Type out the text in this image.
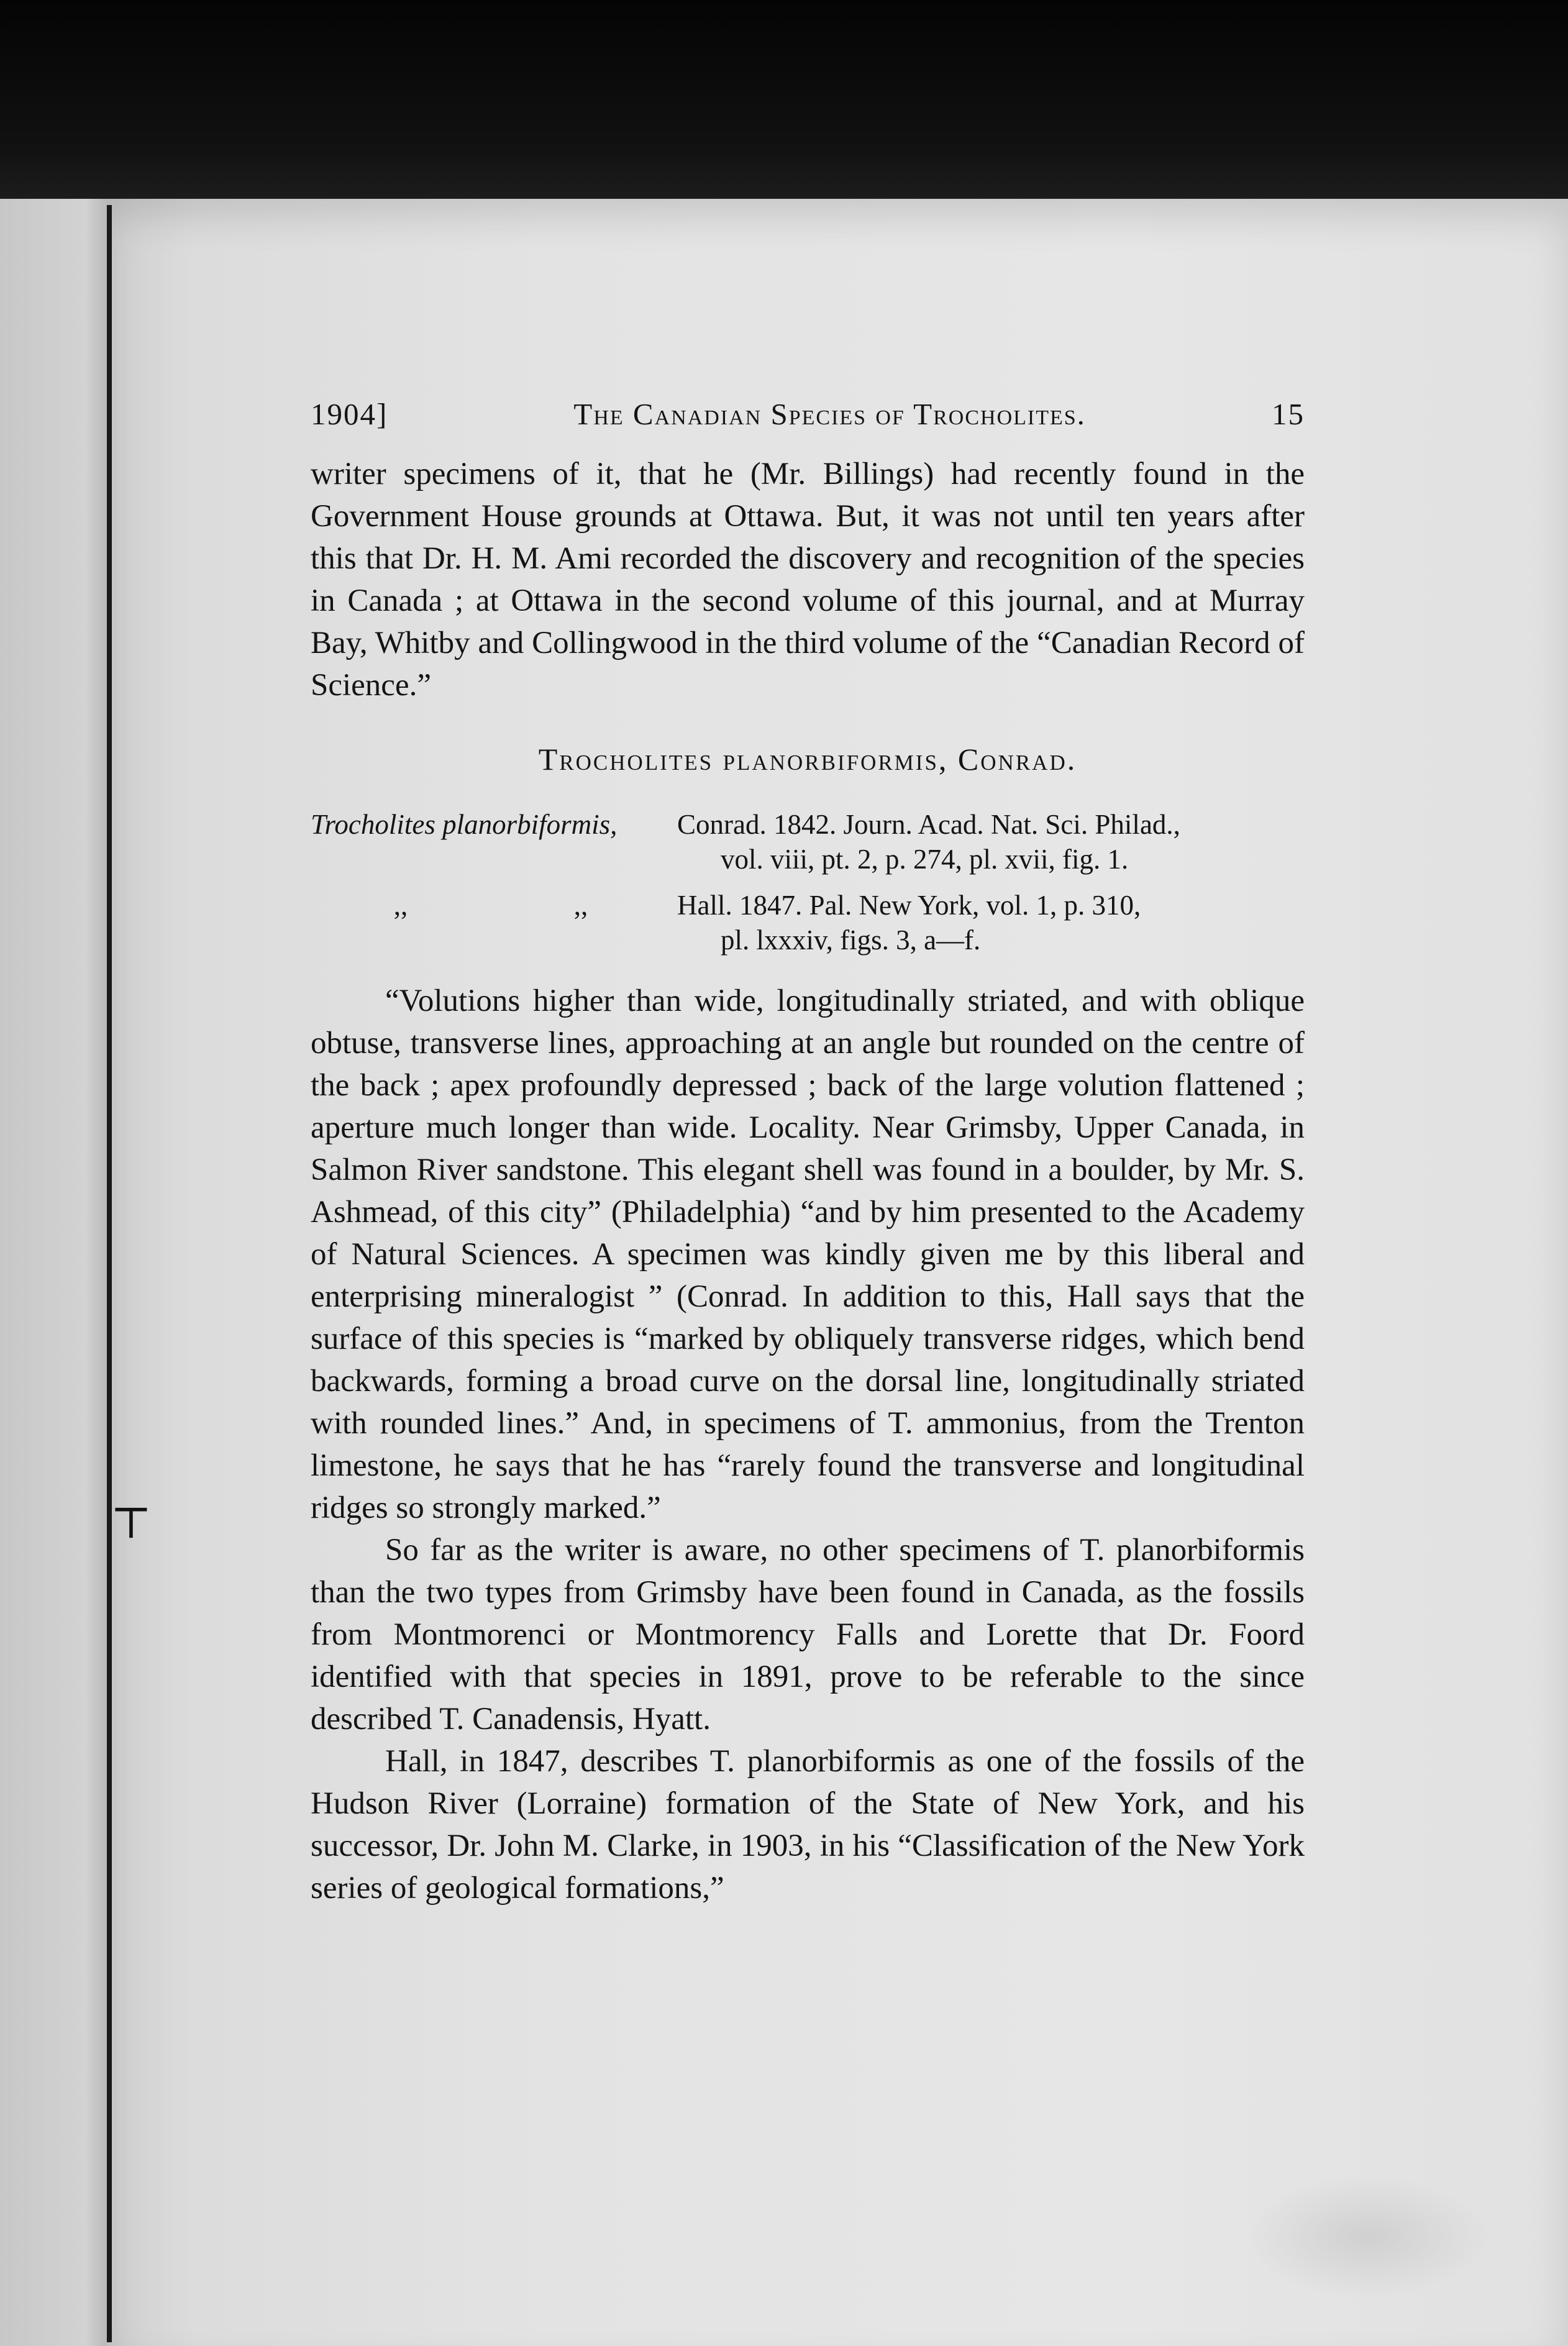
⊤
1904]	The Canadian Species of Trocholites.	15

writer specimens of it, that he (Mr. Billings) had recently found in the Government House grounds at Ottawa. But, it was not until ten years after this that Dr. H. M. Ami recorded the discovery and recognition of the species in Canada ; at Ottawa in the second volume of this journal, and at Murray Bay, Whitby and Collingwood in the third volume of the “Canadian Record of Science.”

Trocholites planorbiformis, Conrad.
Trocholites planorbiformis,	Conrad. 1842. Journ. Acad. Nat. Sci. Philad.,
vol. viii, pt. 2, p. 274, pl. xvii, fig. 1.
,,	,,	Hall. 1847. Pal. New York, vol. 1, p. 310,
pl. lxxxiv, figs. 3, a—f.

“Volutions higher than wide, longitudinally striated, and with oblique obtuse, transverse lines, approaching at an angle but rounded on the centre of the back ; apex profoundly depressed ; back of the large volution flattened ; aperture much longer than wide. Locality. Near Grimsby, Upper Canada, in Salmon River sandstone. This elegant shell was found in a boulder, by Mr. S. Ashmead, of this city” (Philadelphia) “and by him presented to the Academy of Natural Sciences. A specimen was kindly given me by this liberal and enterprising mineralogist ” (Conrad. In addition to this, Hall says that the surface of this species is “marked by obliquely transverse ridges, which bend backwards, forming a broad curve on the dorsal line, longitudinally striated with rounded lines.” And, in specimens of T. ammonius, from the Trenton limestone, he says that he has “rarely found the transverse and longitudinal ridges so strongly marked.”

So far as the writer is aware, no other specimens of T. planorbiformis than the two types from Grimsby have been found in Canada, as the fossils from Montmorenci or Montmorency Falls and Lorette that Dr. Foord identified with that species in 1891, prove to be referable to the since described T. Canadensis, Hyatt.

Hall, in 1847, describes T. planorbiformis as one of the fossils of the Hudson River (Lorraine) formation of the State of New York, and his successor, Dr. John M. Clarke, in 1903, in his “Classification of the New York series of geological formations,”
